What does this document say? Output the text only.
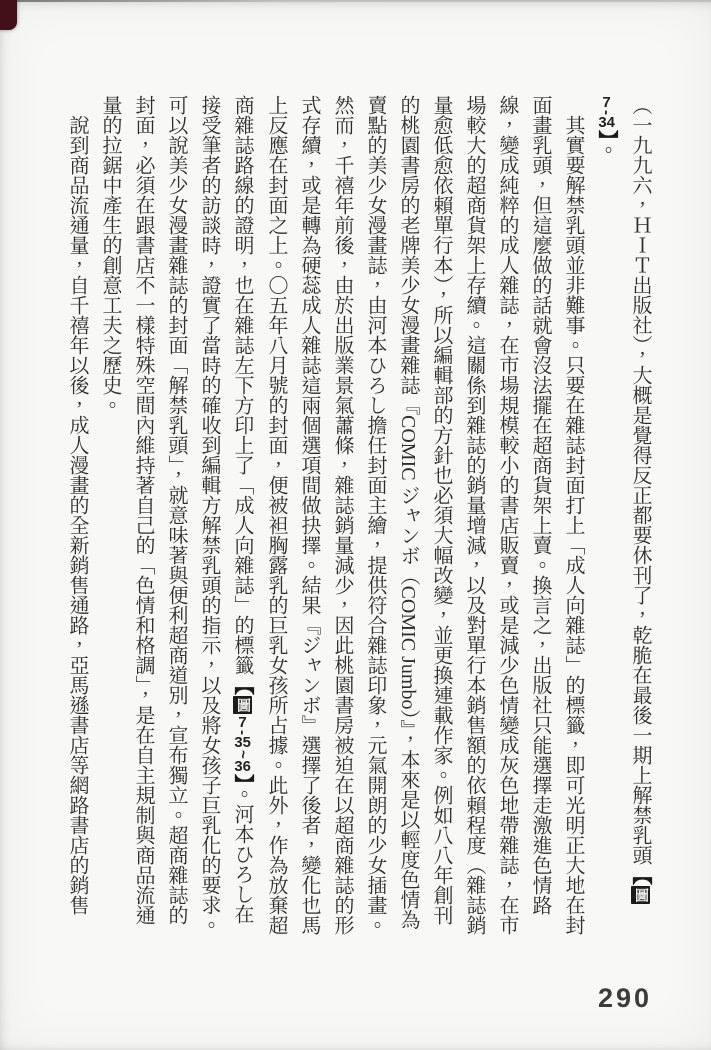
（一九九六，ＨＩＴ出版社），大概是覺得反正都要休刊了，乾脆在最後一期上解禁乳頭【圖7-34】。

其實要解禁乳頭並非難事。只要在雜誌封面打上「成人向雜誌」的標籤，即可光明正大地在封面畫乳頭，但這麼做的話就會沒法擺在超商貨架上賣。換言之，出版社只能選擇走激進色情路線，變成純粹的成人雜誌，在市場規模較小的書店販賣，或是減少色情變成灰色地帶雜誌，在市場較大的超商貨架上存續。這關係到雜誌的銷量增減，以及對單行本銷售額的依賴程度（雜誌銷量愈低愈依賴單行本），所以編輯部的方針也必須大幅改變，並更換連載作家。例如八八年創刊的桃園書房的老牌美少女漫畫雜誌『COMIC ジャンボ（COMIC Jumbo）』，本來是以輕度色情為賣點的美少女漫畫誌，由河本ひろし擔任封面主繪，提供符合雜誌印象，元氣開朗的少女插畫。然而，千禧年前後，由於出版業景氣蕭條，雜誌銷量減少，因此桃園書房被迫在以超商雜誌的形式存續，或是轉為硬蕊成人雜誌這兩個選項間做抉擇。結果『ジャンボ』選擇了後者，變化也馬上反應在封面之上。〇五年八月號的封面，便被袒胸露乳的巨乳女孩所占據。此外，作為放棄超商雜誌路線的證明，也在雜誌左下方印上了「成人向雜誌」的標籤【圖7-35~36】。河本ひろし在接受筆者的訪談時，證實了當時的確收到編輯方解禁乳頭的指示，以及將女孩子巨乳化的要求。可以說美少女漫畫雜誌的封面「解禁乳頭」，就意味著與便利超商道別，宣布獨立。超商雜誌的封面，必須在跟書店不一樣特殊空間內維持著自己的「色情和格調」，是在自主規制與商品流通量的拉鋸中產生的創意工夫之歷史。

說到商品流通量，自千禧年以後，成人漫畫的全新銷售通路，亞馬遜書店等網路書店的銷售

290
